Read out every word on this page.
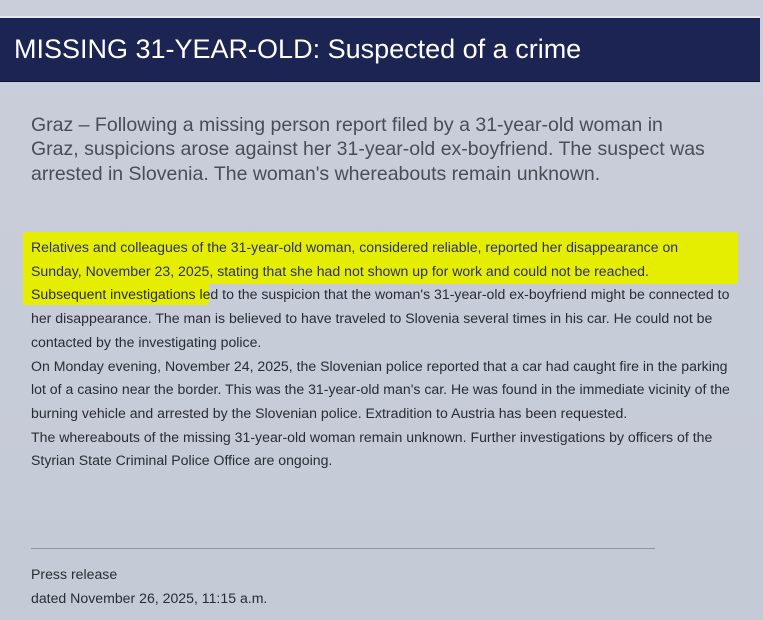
MISSING 31-YEAR-OLD: Suspected of a crime

Graz – Following a missing person report filed by a 31-year-old woman in Graz, suspicions arose against her 31-year-old ex-boyfriend. The suspect was arrested in Slovenia. The woman's whereabouts remain unknown.

Relatives and colleagues of the 31-year-old woman, considered reliable, reported her disappearance on Sunday, November 23, 2025, stating that she had not shown up for work and could not be reached.

Subsequent investigations led to the suspicion that the woman's 31-year-old ex-boyfriend might be connected to her disappearance. The man is believed to have traveled to Slovenia several times in his car. He could not be contacted by the investigating police.

On Monday evening, November 24, 2025, the Slovenian police reported that a car had caught fire in the parking lot of a casino near the border. This was the 31-year-old man's car. He was found in the immediate vicinity of the burning vehicle and arrested by the Slovenian police. Extradition to Austria has been requested.

The whereabouts of the missing 31-year-old woman remain unknown. Further investigations by officers of the Styrian State Criminal Police Office are ongoing.

Press release
dated November 26, 2025, 11:15 a.m.
